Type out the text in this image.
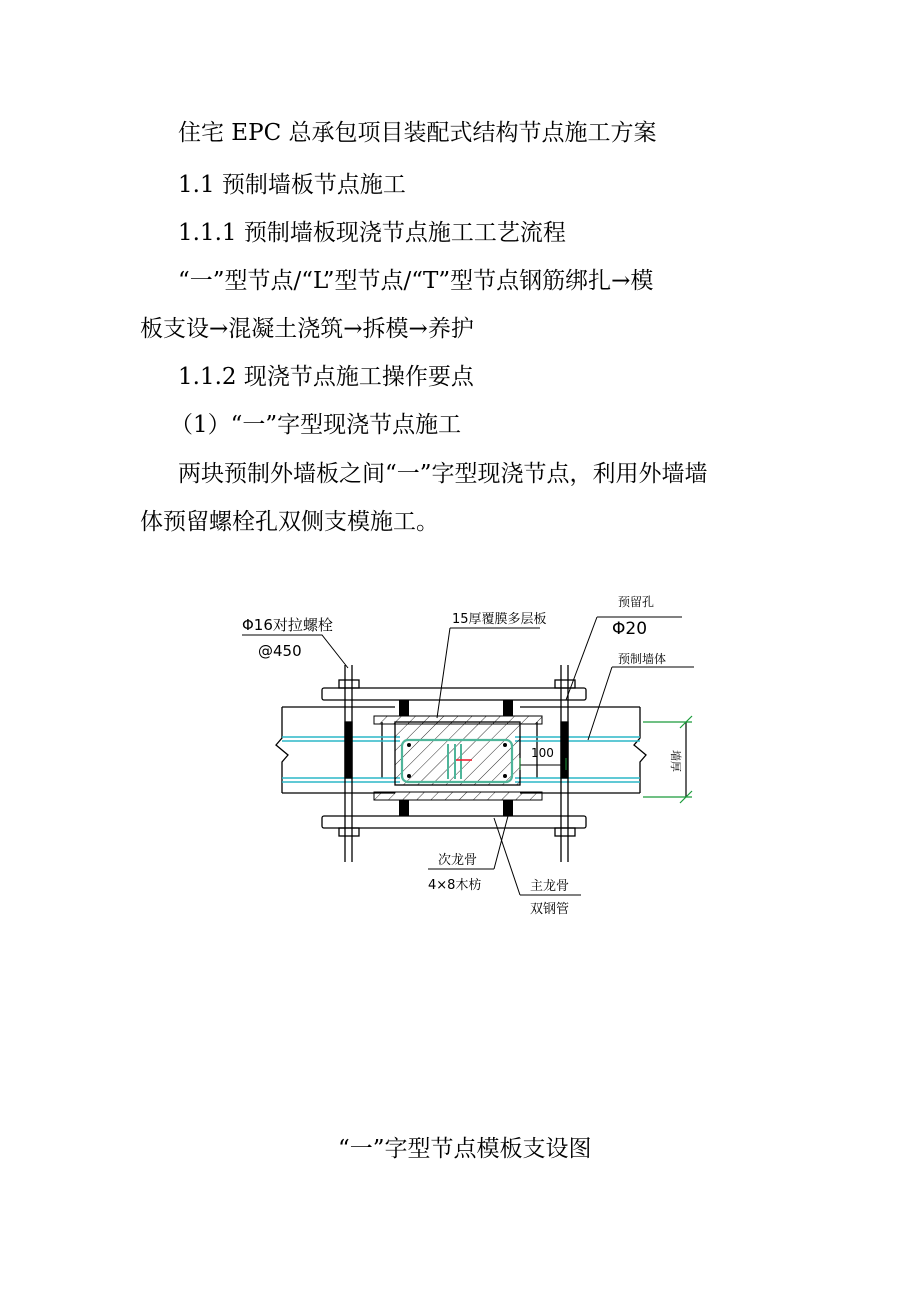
住宅 EPC 总承包项目装配式结构节点施工方案
1.1 预制墙板节点施工
1.1.1 预制墙板现浇节点施工工艺流程
“一”型节点/“L”型节点/“T”型节点钢筋绑扎→模
板支设→混凝土浇筑→拆模→养护
1.1.2 现浇节点施工操作要点
（1）“一”字型现浇节点施工
两块预制外墙板之间“一”字型现浇节点，利用外墙墙
体预留螺栓孔双侧支模施工。
100	墙厚
Φ16对拉螺栓
@450
15厚覆膜多层板
预留孔
Φ20
预制墙体
次龙骨
4×8木枋	主龙骨
双钢管
“一”字型节点模板支设图
